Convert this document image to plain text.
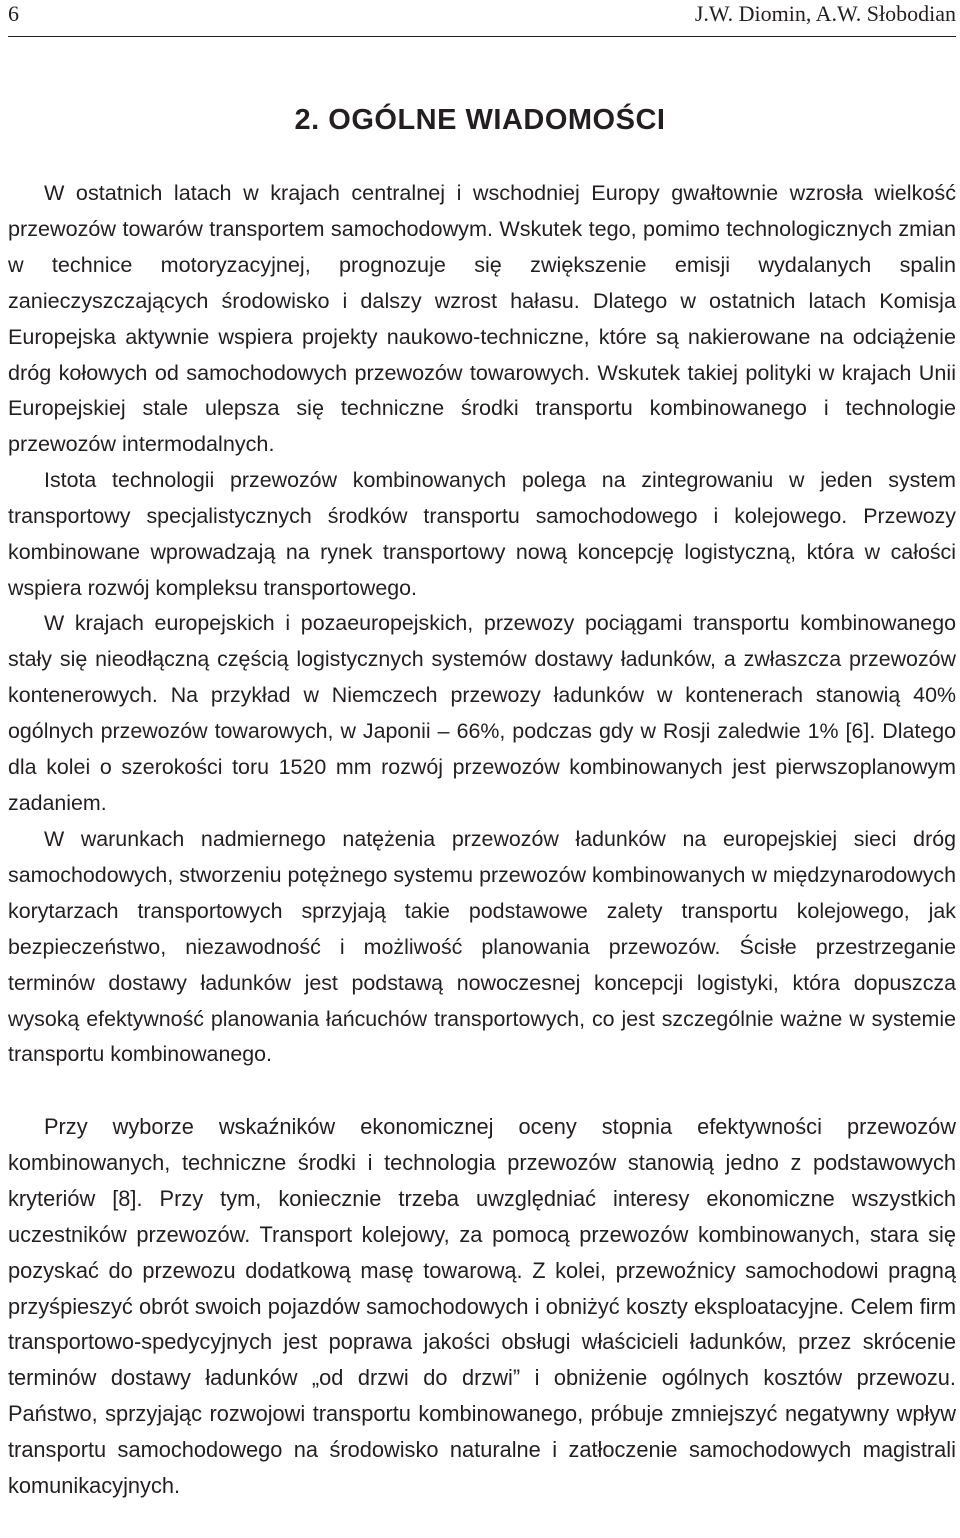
6	J.W. Diomin, A.W. Słobodian
2. OGÓLNE WIADOMOŚCI

W ostatnich latach w krajach centralnej i wschodniej Europy gwałtownie wzrosła wielkość przewozów towarów transportem samochodowym. Wskutek tego, pomimo technologicznych zmian w technice motoryzacyjnej, prognozuje się zwiększenie emisji wydalanych spalin zanieczyszczających środowisko i dalszy wzrost hałasu. Dlatego w ostatnich latach Komisja Europejska aktywnie wspiera projekty naukowo-techniczne, które są nakierowane na odciążenie dróg kołowych od samochodowych przewozów towarowych. Wskutek takiej polityki w krajach Unii Europejskiej stale ulepsza się techniczne środki transportu kombinowanego i technologie przewozów intermodalnych.

Istota technologii przewozów kombinowanych polega na zintegrowaniu w jeden system transportowy specjalistycznych środków transportu samochodowego i kolejowego. Przewozy kombinowane wprowadzają na rynek transportowy nową koncepcję logistyczną, która w całości wspiera rozwój kompleksu transportowego.

W krajach europejskich i pozaeuropejskich, przewozy pociągami transportu kombinowanego stały się nieodłączną częścią logistycznych systemów dostawy ładunków, a zwłaszcza przewozów kontenerowych. Na przykład w Niemczech przewozy ładunków w kontenerach stanowią 40% ogólnych przewozów towarowych, w Japonii – 66%, podczas gdy w Rosji zaledwie 1% [6]. Dlatego dla kolei o szerokości toru 1520 mm rozwój przewozów kombinowanych jest pierwszoplanowym zadaniem.

W warunkach nadmiernego natężenia przewozów ładunków na europejskiej sieci dróg samochodowych, stworzeniu potężnego systemu przewozów kombinowanych w międzynarodowych korytarzach transportowych sprzyjają takie podstawowe zalety transportu kolejowego, jak bezpieczeństwo, niezawodność i możliwość planowania przewozów. Ścisłe przestrzeganie terminów dostawy ładunków jest podstawą nowoczesnej koncepcji logistyki, która dopuszcza wysoką efektywność planowania łańcuchów transportowych, co jest szczególnie ważne w systemie transportu kombinowanego.

Przy wyborze wskaźników ekonomicznej oceny stopnia efektywności przewozów kombinowanych, techniczne środki i technologia przewozów stanowią jedno z podstawowych kryteriów [8]. Przy tym, koniecznie trzeba uwzględniać interesy ekonomiczne wszystkich uczestników przewozów. Transport kolejowy, za pomocą przewozów kombinowanych, stara się pozyskać do przewozu dodatkową masę towarową. Z kolei, przewoźnicy samochodowi pragną przyśpieszyć obrót swoich pojazdów samochodowych i obniżyć koszty eksploatacyjne. Celem firm transportowo-spedycyjnych jest poprawa jakości obsługi właścicieli ładunków, przez skrócenie terminów dostawy ładunków „od drzwi do drzwi” i obniżenie ogólnych kosztów przewozu. Państwo, sprzyjając rozwojowi transportu kombinowanego, próbuje zmniejszyć negatywny wpływ transportu samochodowego na środowisko naturalne i zatłoczenie samochodowych magistrali komunikacyjnych.
